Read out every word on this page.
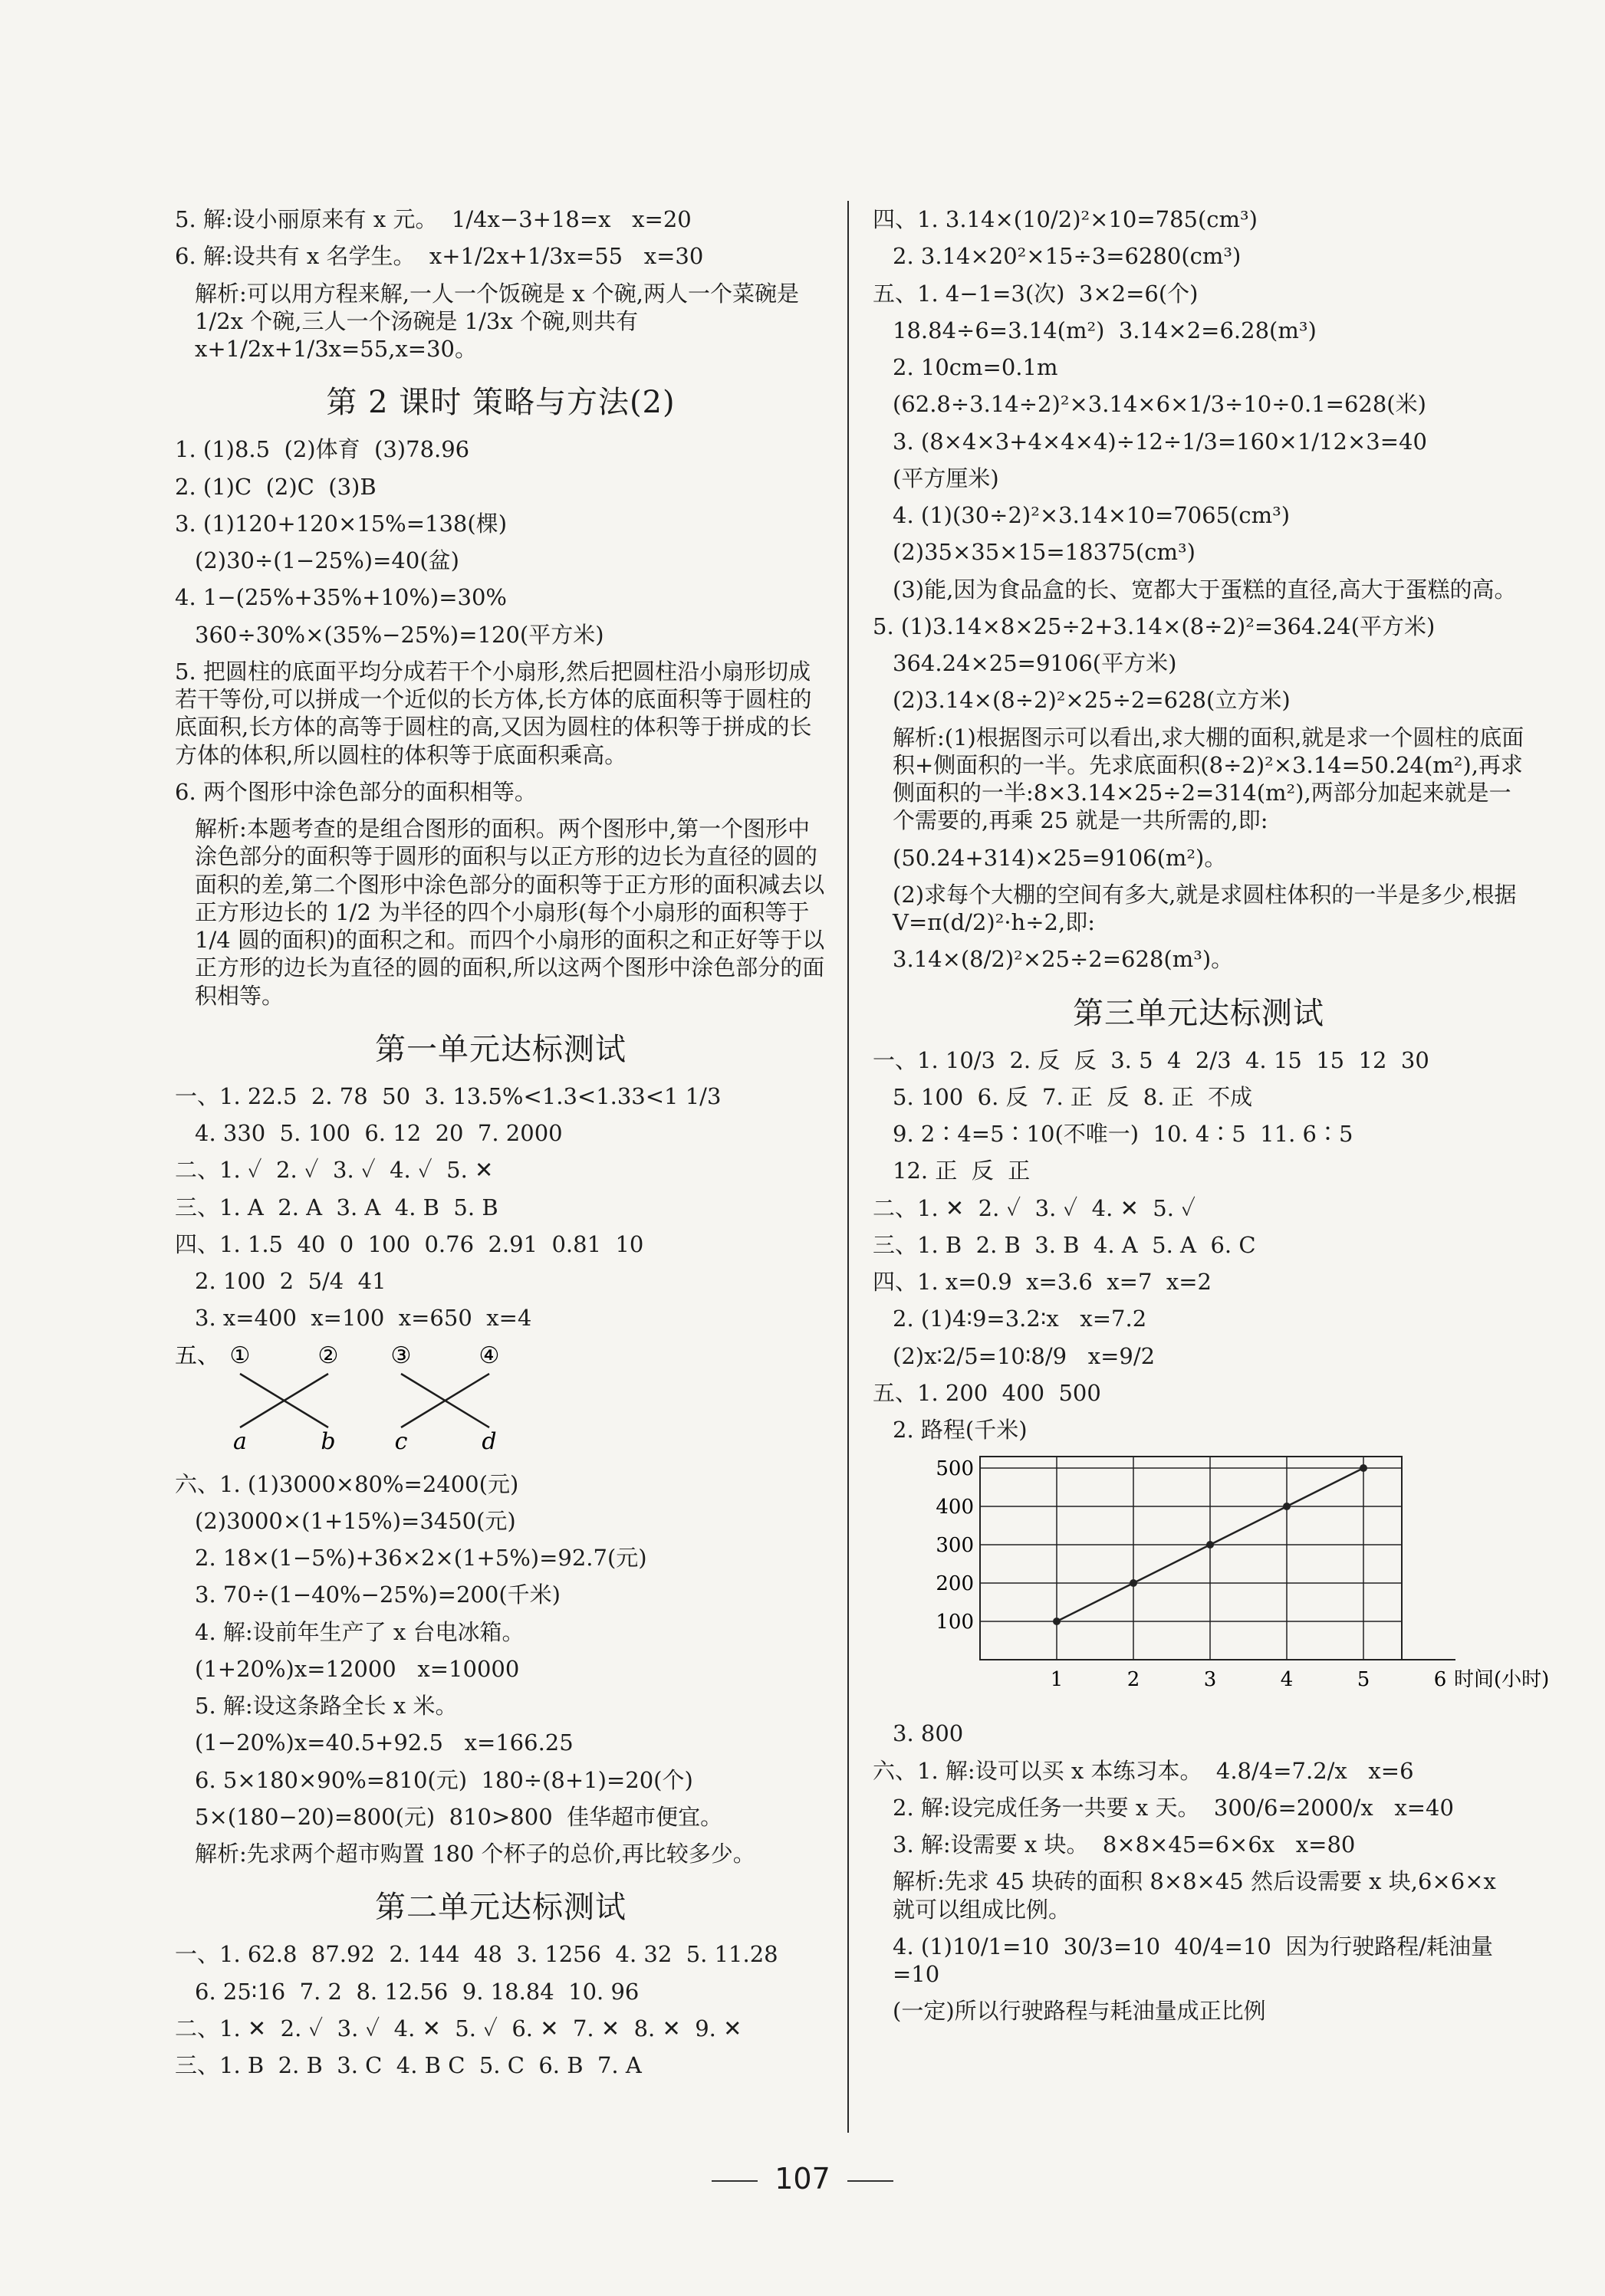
5. 解:设小丽原来有 x 元。  1/4x−3+18=x   x=20
6. 解:设共有 x 名学生。  x+1/2x+1/3x=55   x=30
解析:可以用方程来解,一人一个饭碗是 x 个碗,两人一个菜碗是 1/2x 个碗,三人一个汤碗是 1/3x 个碗,则共有 x+1/2x+1/3x=55,x=30。
第 2 课时 策略与方法(2)
1. (1)8.5  (2)体育  (3)78.96
2. (1)C  (2)C  (3)B
3. (1)120+120×15%=138(棵)
(2)30÷(1−25%)=40(盆)
4. 1−(25%+35%+10%)=30%
360÷30%×(35%−25%)=120(平方米)
5. 把圆柱的底面平均分成若干个小扇形,然后把圆柱沿小扇形切成若干等份,可以拼成一个近似的长方体,长方体的底面积等于圆柱的底面积,长方体的高等于圆柱的高,又因为圆柱的体积等于拼成的长方体的体积,所以圆柱的体积等于底面积乘高。
6. 两个图形中涂色部分的面积相等。
解析:本题考查的是组合图形的面积。两个图形中,第一个图形中涂色部分的面积等于圆形的面积与以正方形的边长为直径的圆的面积的差,第二个图形中涂色部分的面积等于正方形的面积减去以正方形边长的 1/2 为半径的四个小扇形(每个小扇形的面积等于 1/4 圆的面积)的面积之和。而四个小扇形的面积之和正好等于以正方形的边长为直径的圆的面积,所以这两个图形中涂色部分的面积相等。
第一单元达标测试
一、1. 22.5  2. 78  50  3. 13.5%<1.3<1.33<1 1/3
4. 330  5. 100  6. 12  20  7. 2000
二、1. ✓  2. ✓  3. ✓  4. ✓  5. ✕
三、1. A  2. A  3. A  4. B  5. B
四、1. 1.5  40  0  100  0.76  2.91  0.81  10
2. 100  2  5/4  41
3. x=400  x=100  x=650  x=4
五、 ①	② ③	④
a	b	c	d
六、1. (1)3000×80%=2400(元)
(2)3000×(1+15%)=3450(元)
2. 18×(1−5%)+36×2×(1+5%)=92.7(元)
3. 70÷(1−40%−25%)=200(千米)
4. 解:设前年生产了 x 台电冰箱。
(1+20%)x=12000   x=10000
5. 解:设这条路全长 x 米。
(1−20%)x=40.5+92.5   x=166.25
6. 5×180×90%=810(元)  180÷(8+1)=20(个)
5×(180−20)=800(元)  810>800  佳华超市便宜。
解析:先求两个超市购置 180 个杯子的总价,再比较多少。
第二单元达标测试
一、1. 62.8  87.92  2. 144  48  3. 1256  4. 32  5. 11.28
6. 25∶16  7. 2  8. 12.56  9. 18.84  10. 96
二、1. ✕  2. ✓  3. ✓  4. ✕  5. ✓  6. ✕  7. ✕  8. ✕  9. ✕
三、1. B  2. B  3. C  4. B C  5. C  6. B  7. A
四、1. 3.14×(10/2)²×10=785(cm³)
2. 3.14×20²×15÷3=6280(cm³)
五、1. 4−1=3(次)  3×2=6(个)
18.84÷6=3.14(m²)  3.14×2=6.28(m³)
2. 10cm=0.1m
(62.8÷3.14÷2)²×3.14×6×1/3÷10÷0.1=628(米)
3. (8×4×3+4×4×4)÷12÷1/3=160×1/12×3=40
(平方厘米)
4. (1)(30÷2)²×3.14×10=7065(cm³)
(2)35×35×15=18375(cm³)
(3)能,因为食品盒的长、宽都大于蛋糕的直径,高大于蛋糕的高。
5. (1)3.14×8×25÷2+3.14×(8÷2)²=364.24(平方米)
364.24×25=9106(平方米)
(2)3.14×(8÷2)²×25÷2=628(立方米)
解析:(1)根据图示可以看出,求大棚的面积,就是求一个圆柱的底面积+侧面积的一半。先求底面积(8÷2)²×3.14=50.24(m²),再求侧面积的一半:8×3.14×25÷2=314(m²),两部分加起来就是一个需要的,再乘 25 就是一共所需的,即:
(50.24+314)×25=9106(m²)。
(2)求每个大棚的空间有多大,就是求圆柱体积的一半是多少,根据 V=π(d/2)²·h÷2,即:
3.14×(8/2)²×25÷2=628(m³)。
第三单元达标测试
一、1. 10/3  2. 反  反  3. 5  4  2/3  4. 15  15  12  30
5. 100  6. 反  7. 正  反  8. 正  不成
9. 2∶4=5∶10(不唯一)  10. 4∶5  11. 6∶5
12. 正  反  正
二、1. ✕  2. ✓  3. ✓  4. ✕  5. ✓
三、1. B  2. B  3. B  4. A  5. A  6. C
四、1. x=0.9  x=3.6  x=7  x=2
2. (1)4∶9=3.2∶x   x=7.2
(2)x∶2/5=10∶8/9   x=9/2
五、1. 200  400  500
2. 路程(千米)
100
200
300
400
500
1	2	3	4	5	6 时间(小时)
3. 800
六、1. 解:设可以买 x 本练习本。  4.8/4=7.2/x   x=6
2. 解:设完成任务一共要 x 天。  300/6=2000/x   x=40
3. 解:设需要 x 块。  8×8×45=6×6x   x=80
解析:先求 45 块砖的面积 8×8×45 然后设需要 x 块,6×6×x 就可以组成比例。
4. (1)10/1=10  30/3=10  40/4=10  因为行驶路程/耗油量=10
(一定)所以行驶路程与耗油量成正比例
107
